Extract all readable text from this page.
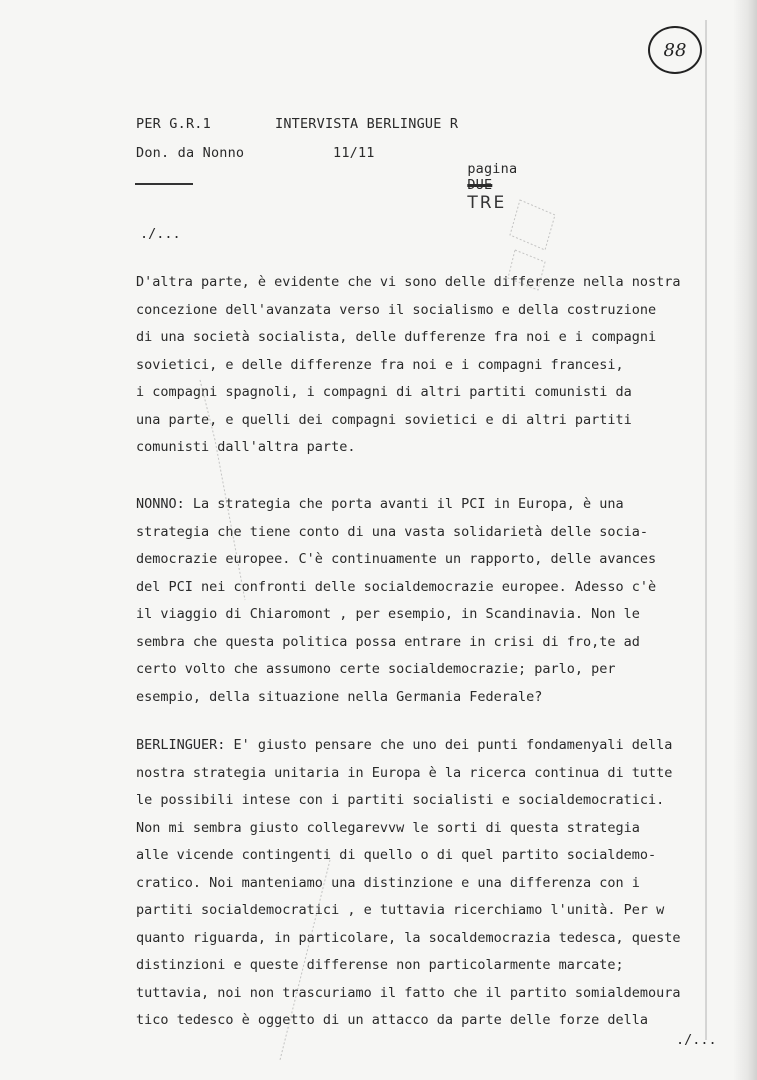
88
PER G.R.1	INTERVISTA BERLINGUE R
Don. da Nonno	11/11

pagina
DUE
TRE

./...
D'altra parte, è evidente che vi sono delle differenze nella nostra
concezione dell'avanzata verso il socialismo e della costruzione
di una società socialista, delle dufferenze fra noi e i compagni
sovietici, e delle differenze fra noi e i compagni francesi,
i compagni spagnoli, i compagni di altri partiti comunisti da
una parte, e quelli dei compagni sovietici e di altri partiti
comunisti dall'altra parte.
NONNO: La strategia che porta avanti il PCI in Europa, è una
strategia che tiene conto di una vasta solidarietà delle socia-
democrazie europee. C'è continuamente un rapporto, delle avances
del PCI nei confronti delle socialdemocrazie europee. Adesso c'è
il viaggio di Chiaromont , per esempio, in Scandinavia. Non le
sembra che questa politica possa entrare in crisi di fro,te ad
certo volto che assumono certe socialdemocrazie; parlo, per
esempio, della situazione nella Germania Federale?
BERLINGUER: E' giusto pensare che uno dei punti fondamenyali della
nostra strategia unitaria in Europa è la ricerca continua di tutte
le possibili intese con i partiti socialisti e socialdemocratici.
Non mi sembra giusto collegarevvw le sorti di questa strategia
alle vicende contingenti di quello o di quel partito socialdemo-
cratico. Noi manteniamo una distinzione e una differenza con i
partiti socialdemocratici , e tuttavia ricerchiamo l'unità. Per w
quanto riguarda, in particolare, la socaldemocrazia tedesca, queste
distinzioni e queste differense non particolarmente marcate;
tuttavia, noi non trascuriamo il fatto che il partito somialdemoura
tico tedesco è oggetto di un attacco da parte delle forze della
./...
